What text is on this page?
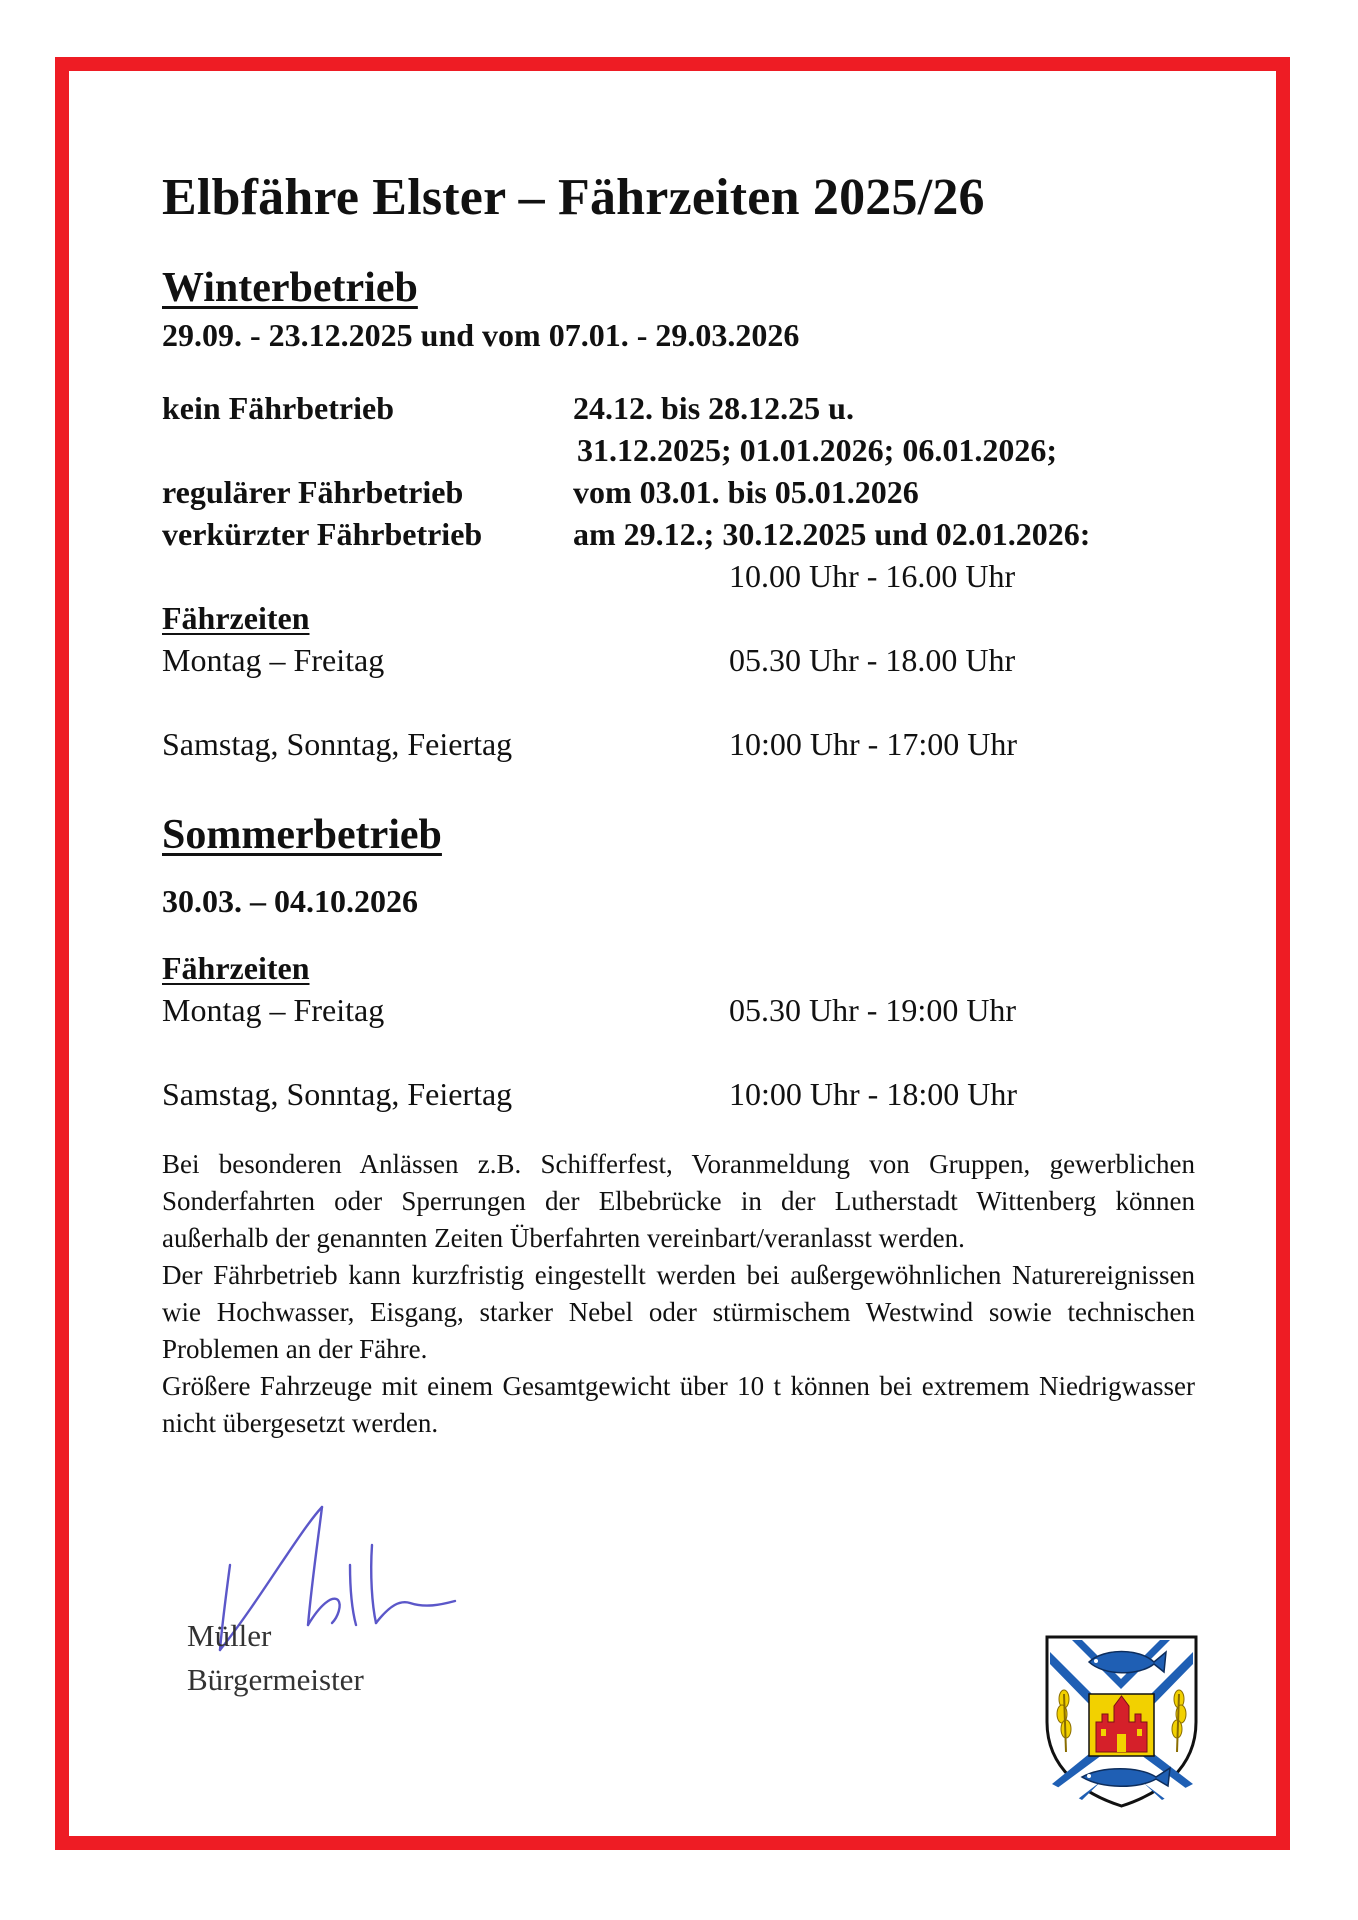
Elbfähre Elster – Fährzeiten 2025/26
Winterbetrieb
29.09. - 23.12.2025 und vom 07.01. - 29.03.2026
kein Fährbetrieb	24.12. bis 28.12.25 u.
31.12.2025; 01.01.2026; 06.01.2026;
regulärer Fährbetrieb	vom 03.01. bis 05.01.2026
verkürzter Fährbetrieb	am 29.12.; 30.12.2025 und 02.01.2026:
10.00 Uhr - 16.00 Uhr
Fährzeiten
Montag – Freitag	05.30 Uhr - 18.00 Uhr
Samstag, Sonntag, Feiertag	10:00 Uhr - 17:00 Uhr
Sommerbetrieb
30.03. – 04.10.2026
Fährzeiten
Montag – Freitag	05.30 Uhr - 19:00 Uhr
Samstag, Sonntag, Feiertag	10:00 Uhr - 18:00 Uhr

Bei besonderen Anlässen z.B. Schifferfest, Voranmeldung von Gruppen, gewerblichen Sonderfahrten oder Sperrungen der Elbebrücke in der Lutherstadt Wittenberg können außerhalb der genannten Zeiten Überfahrten vereinbart/veranlasst werden.

Der Fährbetrieb kann kurzfristig eingestellt werden bei außergewöhnlichen Naturereignissen wie Hochwasser, Eisgang, starker Nebel oder stürmischem Westwind sowie technischen Problemen an der Fähre.

Größere Fahrzeuge mit einem Gesamtgewicht über 10 t können bei extremem Niedrigwasser nicht übergesetzt werden.

Müller
Bürgermeister
